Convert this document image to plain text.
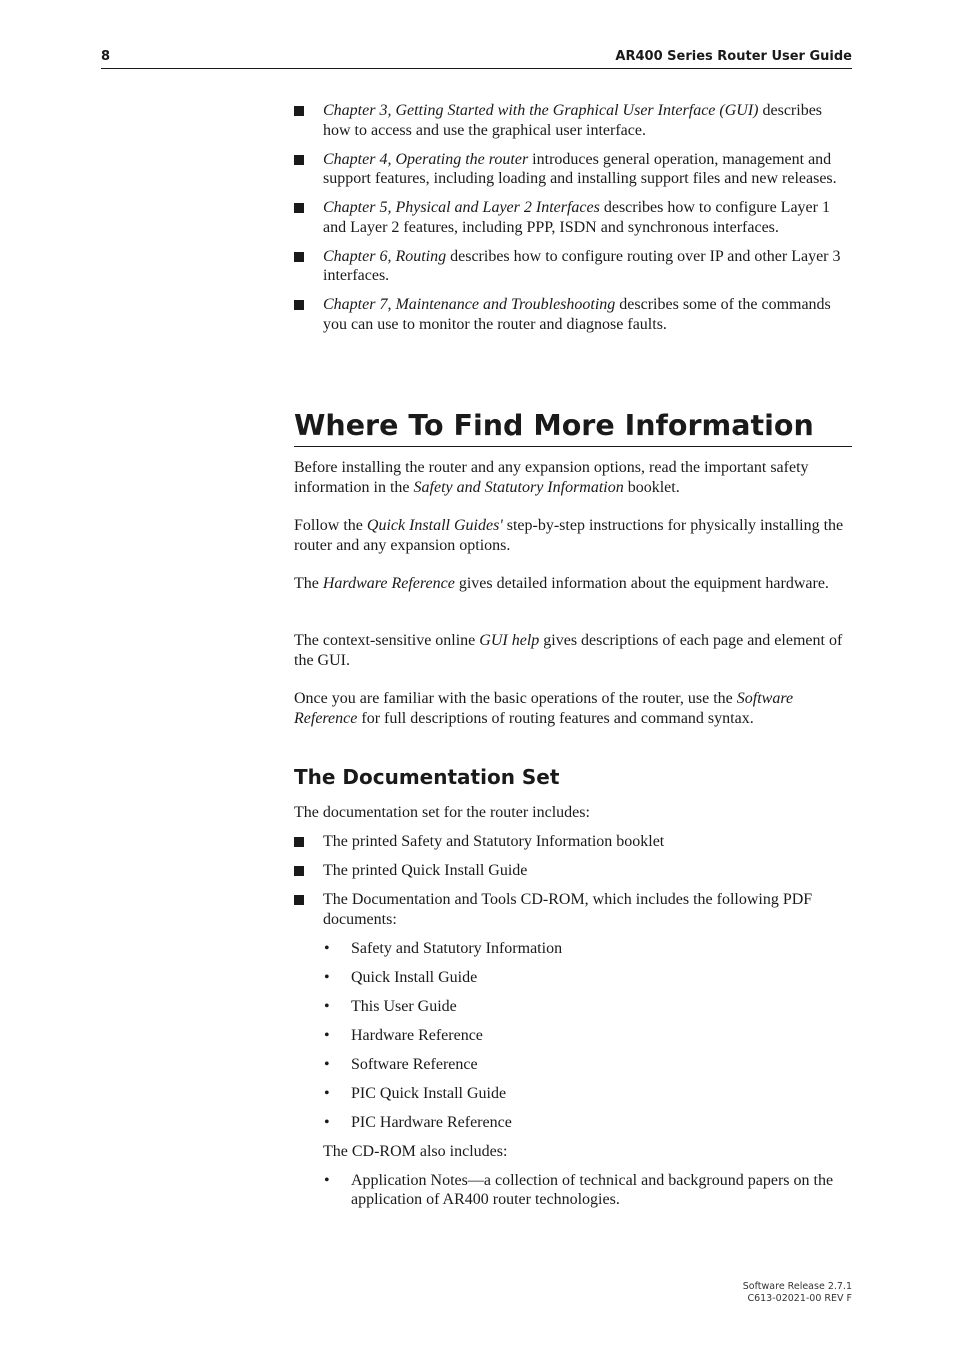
8	AR400 Series Router User Guide
Chapter 3, Getting Started with the Graphical User Interface (GUI) describes how to access and use the graphical user interface.
Chapter 4, Operating the router introduces general operation, management and support features, including loading and installing support files and new releases.
Chapter 5, Physical and Layer 2 Interfaces describes how to configure Layer 1 and Layer 2 features, including PPP, ISDN and synchronous interfaces.
Chapter 6, Routing describes how to configure routing over IP and other Layer 3 interfaces.
Chapter 7, Maintenance and Troubleshooting describes some of the commands you can use to monitor the router and diagnose faults.
Where To Find More Information
Before installing the router and any expansion options, read the important safety information in the Safety and Statutory Information booklet.
Follow the Quick Install Guides' step-by-step instructions for physically installing the router and any expansion options.
The Hardware Reference gives detailed information about the equipment hardware.
The context-sensitive online GUI help gives descriptions of each page and element of the GUI.
Once you are familiar with the basic operations of the router, use the Software Reference for full descriptions of routing features and command syntax.
The Documentation Set
The documentation set for the router includes:
The printed Safety and Statutory Information booklet
The printed Quick Install Guide
The Documentation and Tools CD-ROM, which includes the following PDF documents:
• Safety and Statutory Information
• Quick Install Guide
• This User Guide
• Hardware Reference
• Software Reference
• PIC Quick Install Guide
• PIC Hardware Reference
The CD-ROM also includes:
• Application Notes—a collection of technical and background papers on the application of AR400 router technologies.
Software Release 2.7.1
C613-02021-00 REV F
